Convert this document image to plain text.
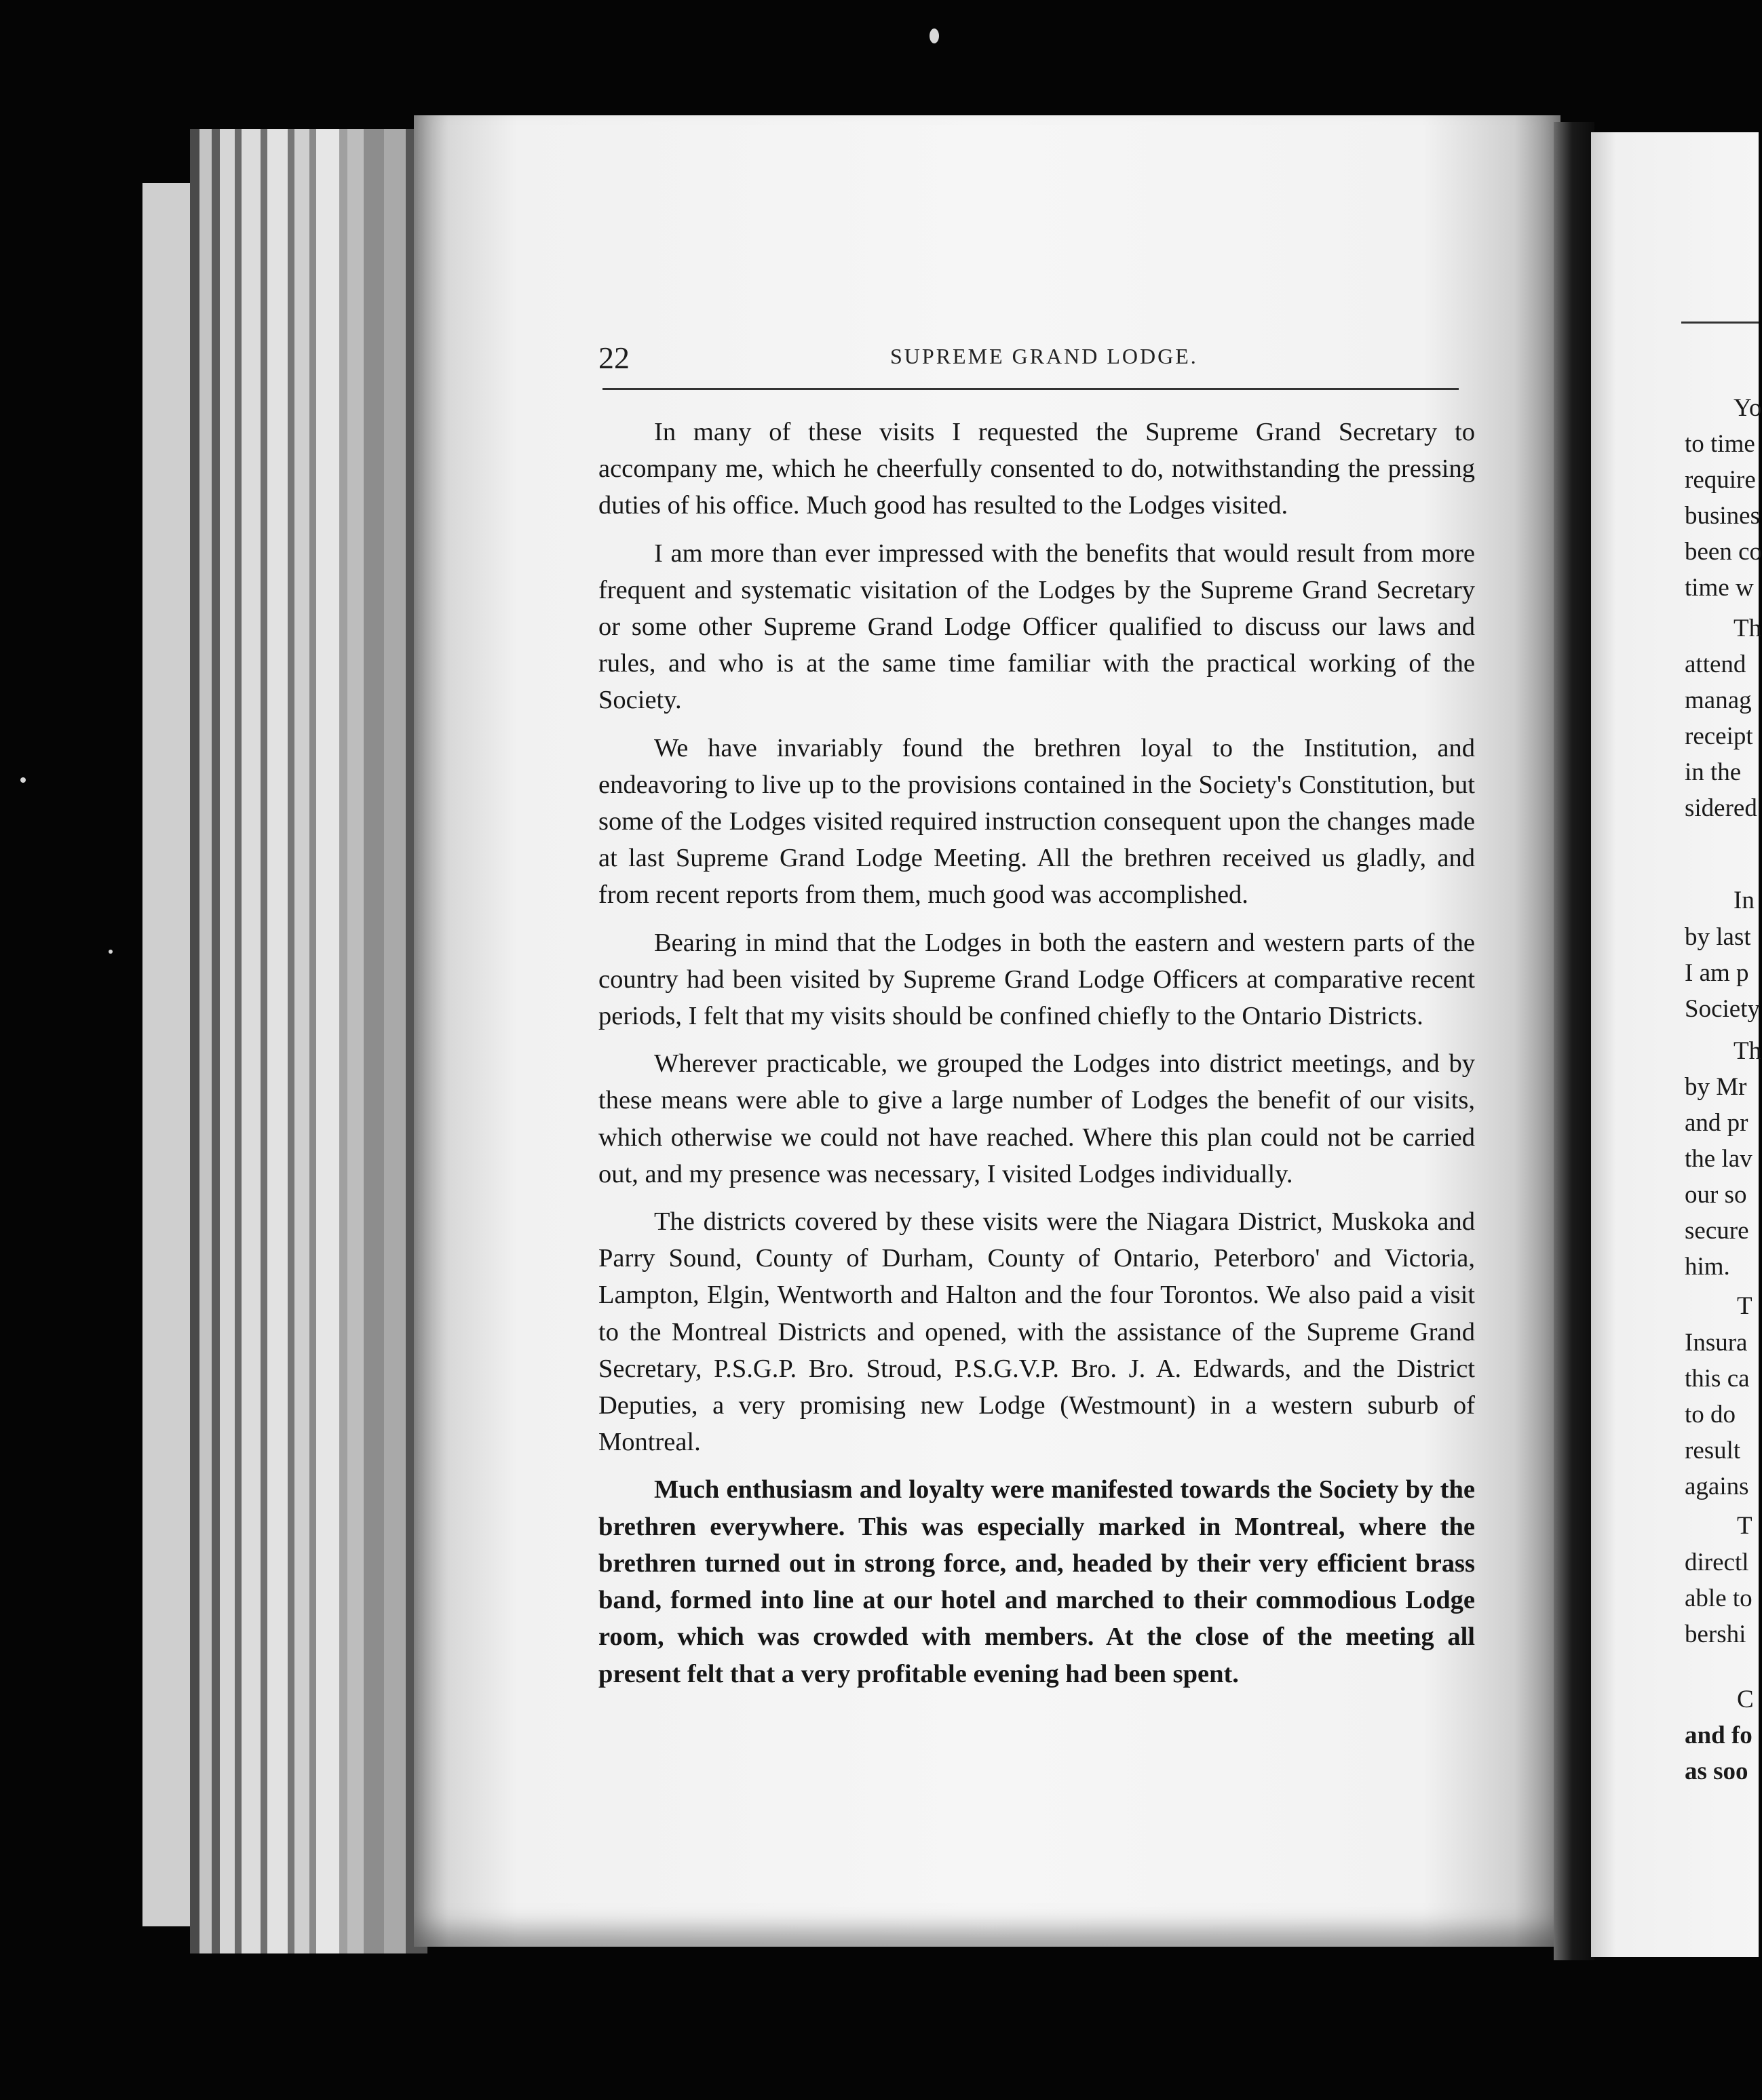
22	SUPREME GRAND LODGE.

In many of these visits I requested the Supreme Grand Secretary to accompany me, which he cheerfully consented to do, notwithstanding the pressing duties of his office. Much good has resulted to the Lodges visited.

I am more than ever impressed with the benefits that would result from more frequent and systematic visitation of the Lodges by the Supreme Grand Secretary or some other Supreme Grand Lodge Officer qualified to discuss our laws and rules, and who is at the same time familiar with the practical working of the Society.

We have invariably found the brethren loyal to the Institution, and endeavoring to live up to the provisions contained in the Society's Constitution, but some of the Lodges visited required instruction consequent upon the changes made at last Supreme Grand Lodge Meeting. All the brethren received us gladly, and from recent reports from them, much good was accomplished.

Bearing in mind that the Lodges in both the eastern and western parts of the country had been visited by Supreme Grand Lodge Officers at comparative recent periods, I felt that my visits should be confined chiefly to the Ontario Districts.

Wherever practicable, we grouped the Lodges into district meetings, and by these means were able to give a large number of Lodges the benefit of our visits, which otherwise we could not have reached. Where this plan could not be carried out, and my presence was necessary, I visited Lodges individually.

The districts covered by these visits were the Niagara District, Muskoka and Parry Sound, County of Durham, County of Ontario, Peterboro' and Victoria, Lampton, Elgin, Wentworth and Halton and the four Torontos. We also paid a visit to the Montreal Districts and opened, with the assistance of the Supreme Grand Secretary, P.S.G.P. Bro. Stroud, P.S.G.V.P. Bro. J. A. Edwards, and the District Deputies, a very promising new Lodge (Westmount) in a western suburb of Montreal.

Much enthusiasm and loyalty were manifested towards the Society by the brethren everywhere. This was especially marked in Montreal, where the brethren turned out in strong force, and, headed by their very efficient brass band, formed into line at our hotel and marched to their commodious Lodge room, which was crowded with members. At the close of the meeting all present felt that a very profitable evening had been spent.

Yo
to time
require
busines
been co
time w
Th
attend
manag
receipt
in the
sidered
In
by last
I am p
Society
Th
by Mr
and pr
the lav
our so
secure
him.
T
Insura
this ca
to do
result
agains
T
directl
able to
bershi
C
and fo
as soo
